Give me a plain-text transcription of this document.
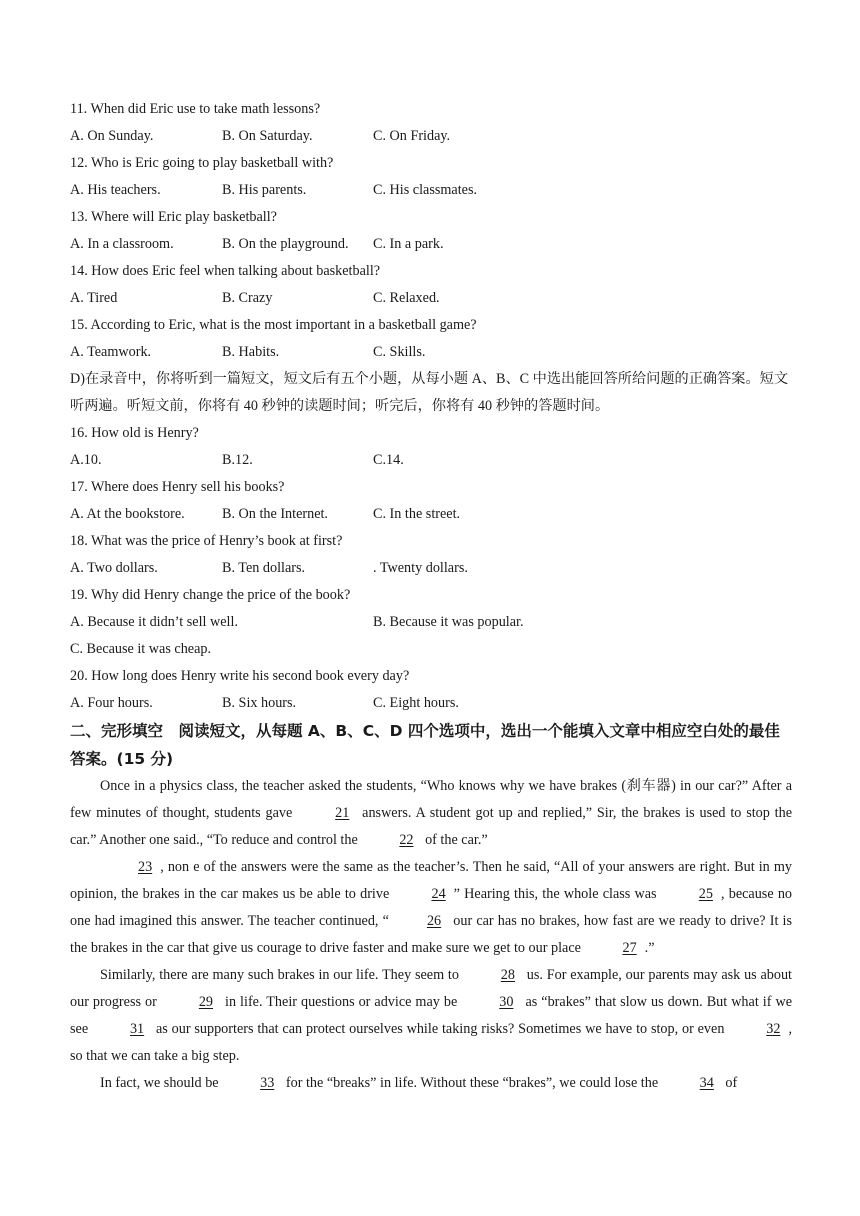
11. When did Eric use to take math lessons?
A. On Sunday.	B. On Saturday.	C. On Friday.
12. Who is Eric going to play basketball with?
A. His teachers.	B. His parents.	C. His classmates.
13. Where will Eric play basketball?
A. In a classroom.	B. On the playground. C. In a park.
14. How does Eric feel when talking about basketball?
A. Tired	B. Crazy	C. Relaxed.
15. According to Eric, what is the most important in a basketball game?
A. Teamwork.	B. Habits.	C. Skills.
D)在录音中，你将听到一篇短文，短文后有五个小题，从每小题 A、B、C 中选出能回答所给问题的正确答案。短文听两遍。听短文前，你将有 40 秒钟的读题时间；听完后，你将有 40 秒钟的答题时间。
16. How old is Henry?
A.10.	B.12.	C.14.
17. Where does Henry sell his books?
A. At the bookstore.	B. On the Internet.	C. In the street.
18. What was the price of Henry’s book at first?
A. Two dollars.	B. Ten dollars.	. Twenty dollars.
19. Why did Henry change the price of the book?
A. Because it didn’t sell well.	B. Because it was popular.
C. Because it was cheap.
20. How long does Henry write his second book every day?
A. Four hours.	B. Six hours.	C. Eight hours.
二、完形填空　阅读短文，从每题 A、B、C、D 四个选项中，选出一个能填入文章中相应空白处的最佳答案。(15 分)
Once in a physics class, the teacher asked the students, “Who knows why we have brakes (刹车器) in our car?” After a few minutes of thought, students gave	21 answers. A student got up and replied,” Sir, the brakes is used to stop the car.” Another one said., “To reduce and control the	22 of the car.”
23 , non e of the answers were the same as the teacher’s. Then he said, “All of your answers are right. But in my opinion, the brakes in the car makes us be able to drive	24 ” Hearing this, the whole class was	25 , because no one had imagined this answer. The teacher continued, “	26 our car has no brakes, how fast are we ready to drive? It is the brakes in the car that give us courage to drive faster and make sure we get to our place	27 .”
Similarly, there are many such brakes in our life. They seem to	28 us. For example, our parents may ask us about our progress or	29 in life. Their questions or advice may be	30 as “brakes” that slow us down. But what if we see	31 as our supporters that can protect ourselves while taking risks? Sometimes we have to stop, or even	32 , so that we can take a big step.
In fact, we should be	33 for the “breaks” in life. Without these “brakes”, we could lose the	34 of
